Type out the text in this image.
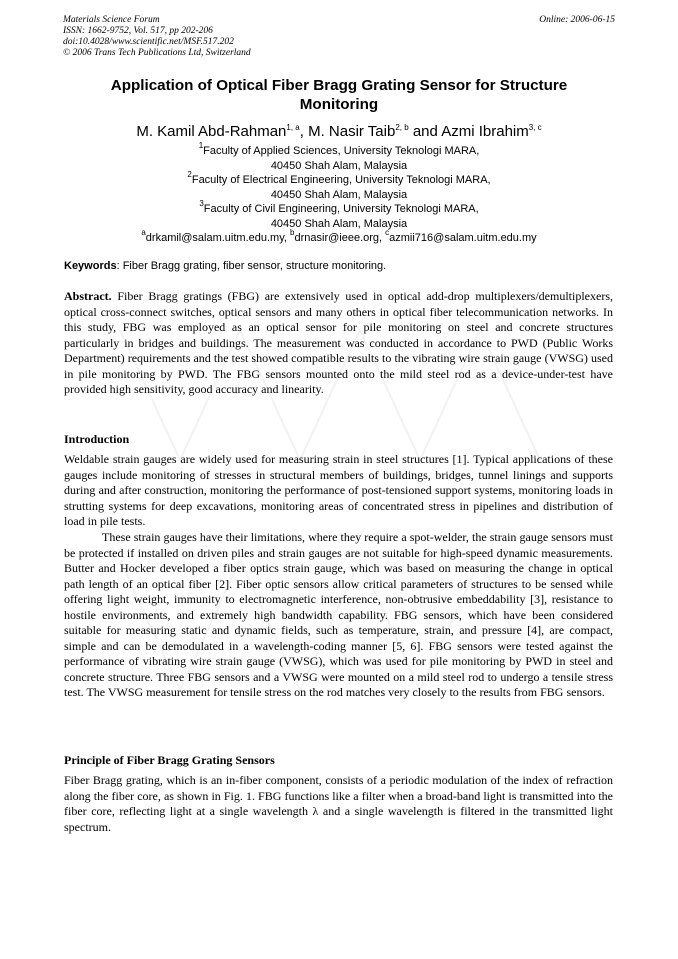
Materials Science Forum
ISSN: 1662-9752, Vol. 517, pp 202-206
doi:10.4028/www.scientific.net/MSF.517.202
© 2006 Trans Tech Publications Ltd, Switzerland
Online: 2006-06-15
Application of Optical Fiber Bragg Grating Sensor for Structure Monitoring
M. Kamil Abd-Rahman$^{1, a}$, M. Nasir Taib$^{2, b}$ and Azmi Ibrahim$^{3, c}$
$^1$Faculty of Applied Sciences, University Teknologi MARA,
40450 Shah Alam, Malaysia
$^2$Faculty of Electrical Engineering, University Teknologi MARA,
40450 Shah Alam, Malaysia
$^3$Faculty of Civil Engineering, University Teknologi MARA,
40450 Shah Alam, Malaysia
$^a$drkamil@salam.uitm.edu.my, $^b$drnasir@ieee.org, $^c$azmii716@salam.uitm.edu.my
Keywords: Fiber Bragg grating, fiber sensor, structure monitoring.
Abstract. Fiber Bragg gratings (FBG) are extensively used in optical add-drop multiplexers/demultiplexers, optical cross-connect switches, optical sensors and many others in optical fiber telecommunication networks. In this study, FBG was employed as an optical sensor for pile monitoring on steel and concrete structures particularly in bridges and buildings. The measurement was conducted in accordance to PWD (Public Works Department) requirements and the test showed compatible results to the vibrating wire strain gauge (VWSG) used in pile monitoring by PWD. The FBG sensors mounted onto the mild steel rod as a device-under-test have provided high sensitivity, good accuracy and linearity.
Introduction
Weldable strain gauges are widely used for measuring strain in steel structures [1]. Typical applications of these gauges include monitoring of stresses in structural members of buildings, bridges, tunnel linings and supports during and after construction, monitoring the performance of post-tensioned support systems, monitoring loads in strutting systems for deep excavations, monitoring areas of concentrated stress in pipelines and distribution of load in pile tests.
These strain gauges have their limitations, where they require a spot-welder, the strain gauge sensors must be protected if installed on driven piles and strain gauges are not suitable for high-speed dynamic measurements. Butter and Hocker developed a fiber optics strain gauge, which was based on measuring the change in optical path length of an optical fiber [2]. Fiber optic sensors allow critical parameters of structures to be sensed while offering light weight, immunity to electromagnetic interference, non-obtrusive embeddability [3], resistance to hostile environments, and extremely high bandwidth capability. FBG sensors, which have been considered suitable for measuring static and dynamic fields, such as temperature, strain, and pressure [4], are compact, simple and can be demodulated in a wavelength-coding manner [5, 6]. FBG sensors were tested against the performance of vibrating wire strain gauge (VWSG), which was used for pile monitoring by PWD in steel and concrete structure. Three FBG sensors and a VWSG were mounted on a mild steel rod to undergo a tensile stress test. The VWSG measurement for tensile stress on the rod matches very closely to the results from FBG sensors.
Principle of Fiber Bragg Grating Sensors
Fiber Bragg grating, which is an in-fiber component, consists of a periodic modulation of the index of refraction along the fiber core, as shown in Fig. 1. FBG functions like a filter when a broad-band light is transmitted into the fiber core, reflecting light at a single wavelength λ and a single wavelength is filtered in the transmitted light spectrum.
